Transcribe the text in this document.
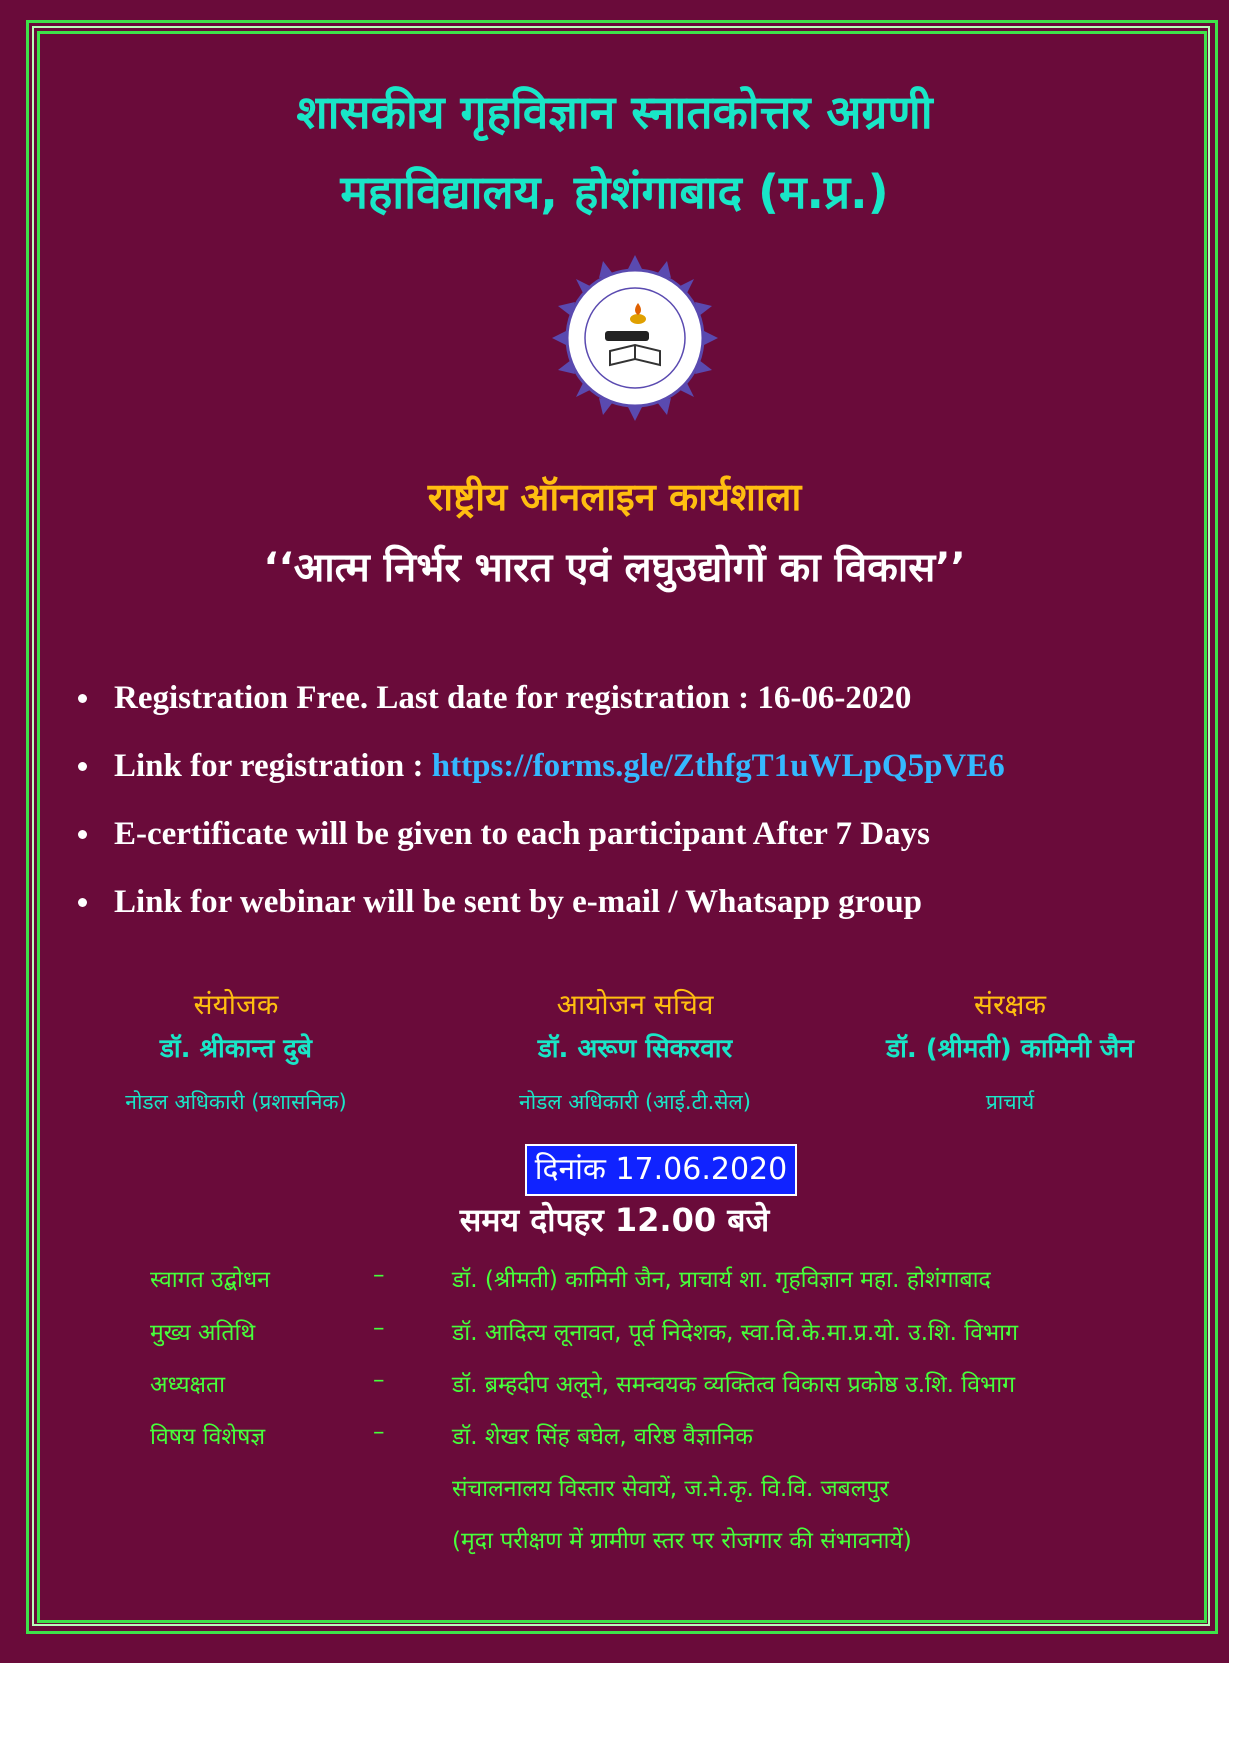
शासकीय गृहविज्ञान स्नातकोत्तर अग्रणी
महाविद्यालय, होशंगाबाद (म.प्र.)
राष्ट्रीय ऑनलाइन कार्यशाला
‘‘आत्म निर्भर भारत एवं लघुउद्योगों का विकास’’
Registration Free. Last date for registration : 16-06-2020
Link for registration : https://forms.gle/ZthfgT1uWLpQ5pVE6
E-certificate will be given to each participant After 7 Days
Link for webinar will be sent by e-mail / Whatsapp group
संयोजक
डॉ. श्रीकान्त दुबे
नोडल अधिकारी (प्रशासनिक)
आयोजन सचिव
डॉ. अरूण सिकरवार
नोडल अधिकारी (आई.टी.सेल)
संरक्षक
डॉ. (श्रीमती) कामिनी जैन
प्राचार्य
दिनांक 17.06.2020
समय दोपहर 12.00 बजे
स्वागत उद्बोधन	–	डॉ. (श्रीमती) कामिनी जैन, प्राचार्य शा. गृहविज्ञान महा. होशंगाबाद
मुख्य अतिथि	–	डॉ. आदित्य लूनावत, पूर्व निदेशक, स्वा.वि.के.मा.प्र.यो. उ.शि. विभाग
अध्यक्षता	–	डॉ. ब्रम्हदीप अलूने, समन्वयक व्यक्तित्व विकास प्रकोष्ठ उ.शि. विभाग
विषय विशेषज्ञ	–	डॉ. शेखर सिंह बघेल, वरिष्ठ वैज्ञानिक
संचालनालय विस्तार सेवायें, ज.ने.कृ. वि.वि. जबलपुर
(मृदा परीक्षण में ग्रामीण स्तर पर रोजगार की संभावनायें)
